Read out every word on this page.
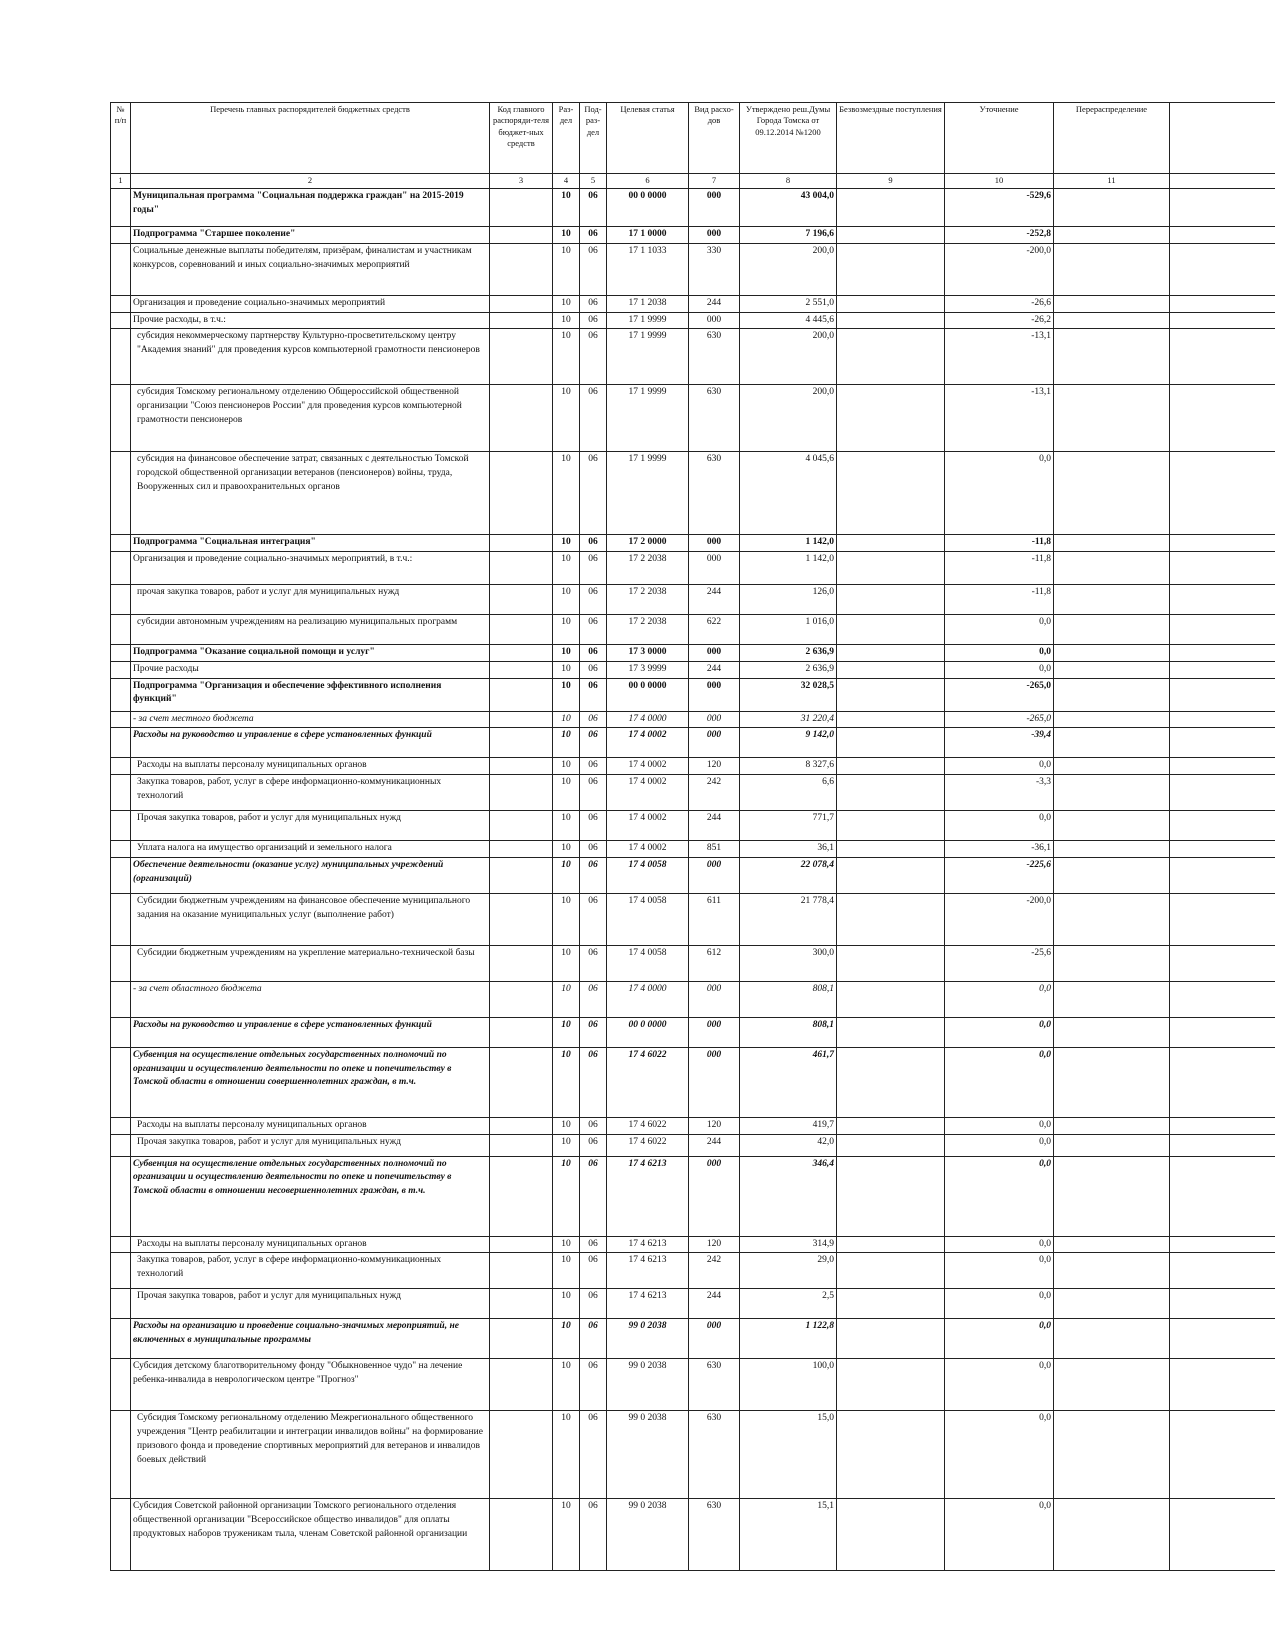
№ п/п	Перечень главных распорядителей бюджетных средств	Код главного распоряди-теля бюджет-ных средств	Раз-дел	Под-раз-дел	Целевая статья	Вид расхо-дов	Утверждено реш.Думы Города Томска от 09.12.2014 №1200	Безвозмездные поступления	Уточнение	Перераспределение	
1	2	3	4	5	6	7	8	9	10	11	
	Муниципальная программа "Социальная поддержка граждан" на 2015-2019 годы"		10	06	00 0 0000	000	43 004,0		-529,6		
	Подпрограмма "Старшее поколение"		10	06	17 1 0000	000	7 196,6		-252,8		
	Социальные денежные выплаты победителям, призёрам, финалистам и участникам конкурсов, соревнований и иных социально-значимых мероприятий		10	06	17 1 1033	330	200,0		-200,0		
	Организация и проведение социально-значимых мероприятий		10	06	17 1 2038	244	2 551,0		-26,6		
	Прочие расходы, в т.ч.:		10	06	17 1 9999	000	4 445,6		-26,2		
	субсидия некоммерческому партнерству Культурно-просветительскому центру "Академия знаний" для проведения курсов компьютерной грамотности пенсионеров		10	06	17 1 9999	630	200,0		-13,1		
	субсидия Томскому региональному отделению Общероссийской общественной организации "Союз пенсионеров России" для проведения курсов компьютерной грамотности пенсионеров		10	06	17 1 9999	630	200,0		-13,1		
	субсидия на финансовое обеспечение затрат, связанных с деятельностью Томской городской общественной организации ветеранов (пенсионеров) войны, труда, Вооруженных сил и правоохранительных органов		10	06	17 1 9999	630	4 045,6		0,0		
	Подпрограмма "Социальная интеграция"		10	06	17 2 0000	000	1 142,0		-11,8		
	Организация и проведение социально-значимых мероприятий, в т.ч.:		10	06	17 2 2038	000	1 142,0		-11,8		
	прочая закупка товаров, работ и услуг для муниципальных нужд		10	06	17 2 2038	244	126,0		-11,8		
	субсидии автономным учреждениям на реализацию муниципальных программ		10	06	17 2 2038	622	1 016,0		0,0		
	Подпрограмма "Оказание социальной помощи и услуг"		10	06	17 3 0000	000	2 636,9		0,0		
	Прочие расходы		10	06	17 3 9999	244	2 636,9		0,0		
	Подпрограмма "Организация и обеспечение эффективного исполнения функций"		10	06	00 0 0000	000	32 028,5		-265,0		
	- за счет местного бюджета		10	06	17 4 0000	000	31 220,4		-265,0		
	Расходы на руководство и управление в сфере установленных функций		10	06	17 4 0002	000	9 142,0		-39,4		
	Расходы на выплаты персоналу муниципальных органов		10	06	17 4 0002	120	8 327,6		0,0		
	Закупка товаров, работ, услуг в сфере информационно-коммуникационных технологий		10	06	17 4 0002	242	6,6		-3,3		
	Прочая закупка товаров, работ и услуг для муниципальных нужд		10	06	17 4 0002	244	771,7		0,0		
	Уплата налога на имущество организаций и земельного налога		10	06	17 4 0002	851	36,1		-36,1		
	Обеспечение деятельности (оказание услуг) муниципальных учреждений (организаций)		10	06	17 4 0058	000	22 078,4		-225,6		
	Субсидии бюджетным учреждениям на финансовое обеспечение муниципального задания на оказание муниципальных услуг (выполнение работ)		10	06	17 4 0058	611	21 778,4		-200,0		
	Субсидии бюджетным учреждениям на укрепление материально-технической базы		10	06	17 4 0058	612	300,0		-25,6		
	- за счет областного бюджета		10	06	17 4 0000	000	808,1		0,0		
	Расходы на руководство и управление в сфере установленных функций		10	06	00 0 0000	000	808,1		0,0		
	Субвенция на осуществление отдельных государственных полномочий по организации и осуществлению деятельности по опеке и попечительству в Томской области в отношении совершеннолетних граждан, в т.ч.		10	06	17 4 6022	000	461,7		0,0		
	Расходы на выплаты персоналу муниципальных органов		10	06	17 4 6022	120	419,7		0,0		
	Прочая закупка товаров, работ и услуг для муниципальных нужд		10	06	17 4 6022	244	42,0		0,0		
	Субвенция на осуществление отдельных государственных полномочий по организации и осуществлению деятельности по опеке и попечительству в Томской области в отношении несовершеннолетних граждан, в т.ч.		10	06	17 4 6213	000	346,4		0,0		
	Расходы на выплаты персоналу муниципальных органов		10	06	17 4 6213	120	314,9		0,0		
	Закупка товаров, работ, услуг в сфере информационно-коммуникационных технологий		10	06	17 4 6213	242	29,0		0,0		
	Прочая закупка товаров, работ и услуг для муниципальных нужд		10	06	17 4 6213	244	2,5		0,0		
	Расходы на организацию и проведение социально-значимых мероприятий, не включенных в муниципальные программы		10	06	99 0 2038	000	1 122,8		0,0		
	Субсидия детскому благотворительному фонду "Обыкновенное чудо" на лечение ребенка-инвалида в неврологическом центре "Прогноз"		10	06	99 0 2038	630	100,0		0,0		
	Субсидия Томскому региональному отделению Межрегионального общественного учреждения "Центр реабилитации и интеграции инвалидов войны" на формирование призового фонда и проведение спортивных мероприятий для ветеранов и инвалидов боевых действий		10	06	99 0 2038	630	15,0		0,0		
	Субсидия Советской районной организации Томского регионального отделения общественной организации "Всероссийское общество инвалидов" для оплаты продуктовых наборов труженикам тыла, членам Советской районной организации		10	06	99 0 2038	630	15,1		0,0		
